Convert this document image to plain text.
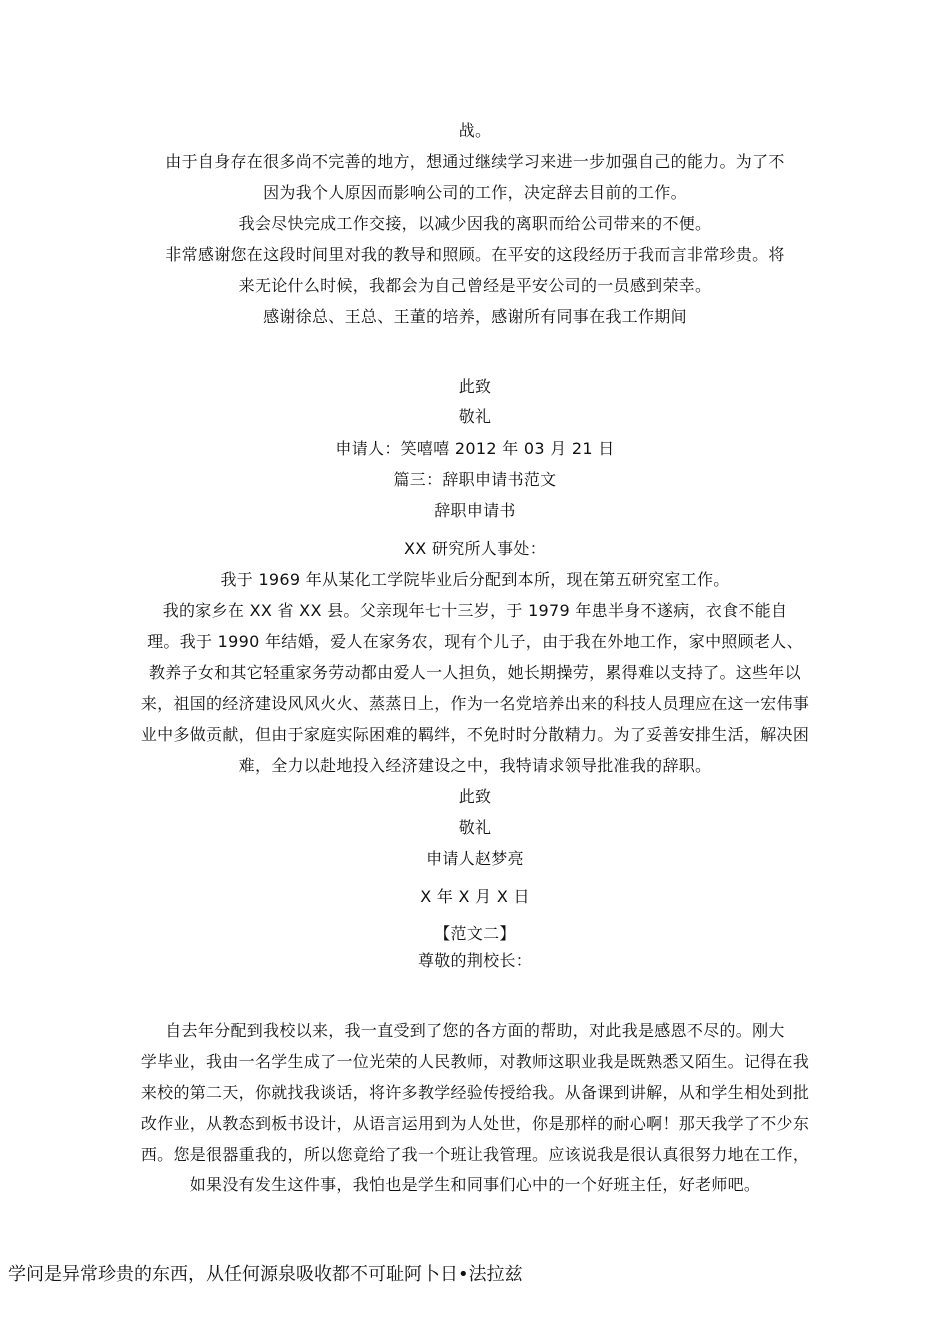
战。
由于自身存在很多尚不完善的地方，想通过继续学习来进一步加强自己的能力。为了不
因为我个人原因而影响公司的工作，决定辞去目前的工作。
我会尽快完成工作交接，以减少因我的离职而给公司带来的不便。
非常感谢您在这段时间里对我的教导和照顾。在平安的这段经历于我而言非常珍贵。将
来无论什么时候，我都会为自己曾经是平安公司的一员感到荣幸。
感谢徐总、王总、王董的培养，感谢所有同事在我工作期间
此致
敬礼
申请人：笑嘻嘻 2012 年 03 月 21 日
篇三：辞职申请书范文
辞职申请书
XX 研究所人事处：
我于 1969 年从某化工学院毕业后分配到本所，现在第五研究室工作。
我的家乡在 XX 省 XX 县。父亲现年七十三岁，于 1979 年患半身不遂病，衣食不能自
理。我于 1990 年结婚，爱人在家务农，现有个儿子，由于我在外地工作，家中照顾老人、
教养子女和其它轻重家务劳动都由爱人一人担负，她长期操劳，累得难以支持了。这些年以
来，祖国的经济建设风风火火、蒸蒸日上，作为一名党培养出来的科技人员理应在这一宏伟事
业中多做贡献，但由于家庭实际困难的羁绊，不免时时分散精力。为了妥善安排生活，解决困
难，全力以赴地投入经济建设之中，我特请求领导批准我的辞职。
此致
敬礼
申请人赵梦亮
X 年 X 月 X 日
【范文二】
尊敬的荆校长：
自去年分配到我校以来，我一直受到了您的各方面的帮助，对此我是感恩不尽的。刚大
学毕业，我由一名学生成了一位光荣的人民教师，对教师这职业我是既熟悉又陌生。记得在我
来校的第二天，你就找我谈话，将许多教学经验传授给我。从备课到讲解，从和学生相处到批
改作业，从教态到板书设计，从语言运用到为人处世，你是那样的耐心啊！那天我学了不少东
西。您是很器重我的，所以您竟给了我一个班让我管理。应该说我是很认真很努力地在工作，
如果没有发生这件事，我怕也是学生和同事们心中的一个好班主任，好老师吧。
学问是异常珍贵的东西，从任何源泉吸收都不可耻阿卜日•法拉兹
